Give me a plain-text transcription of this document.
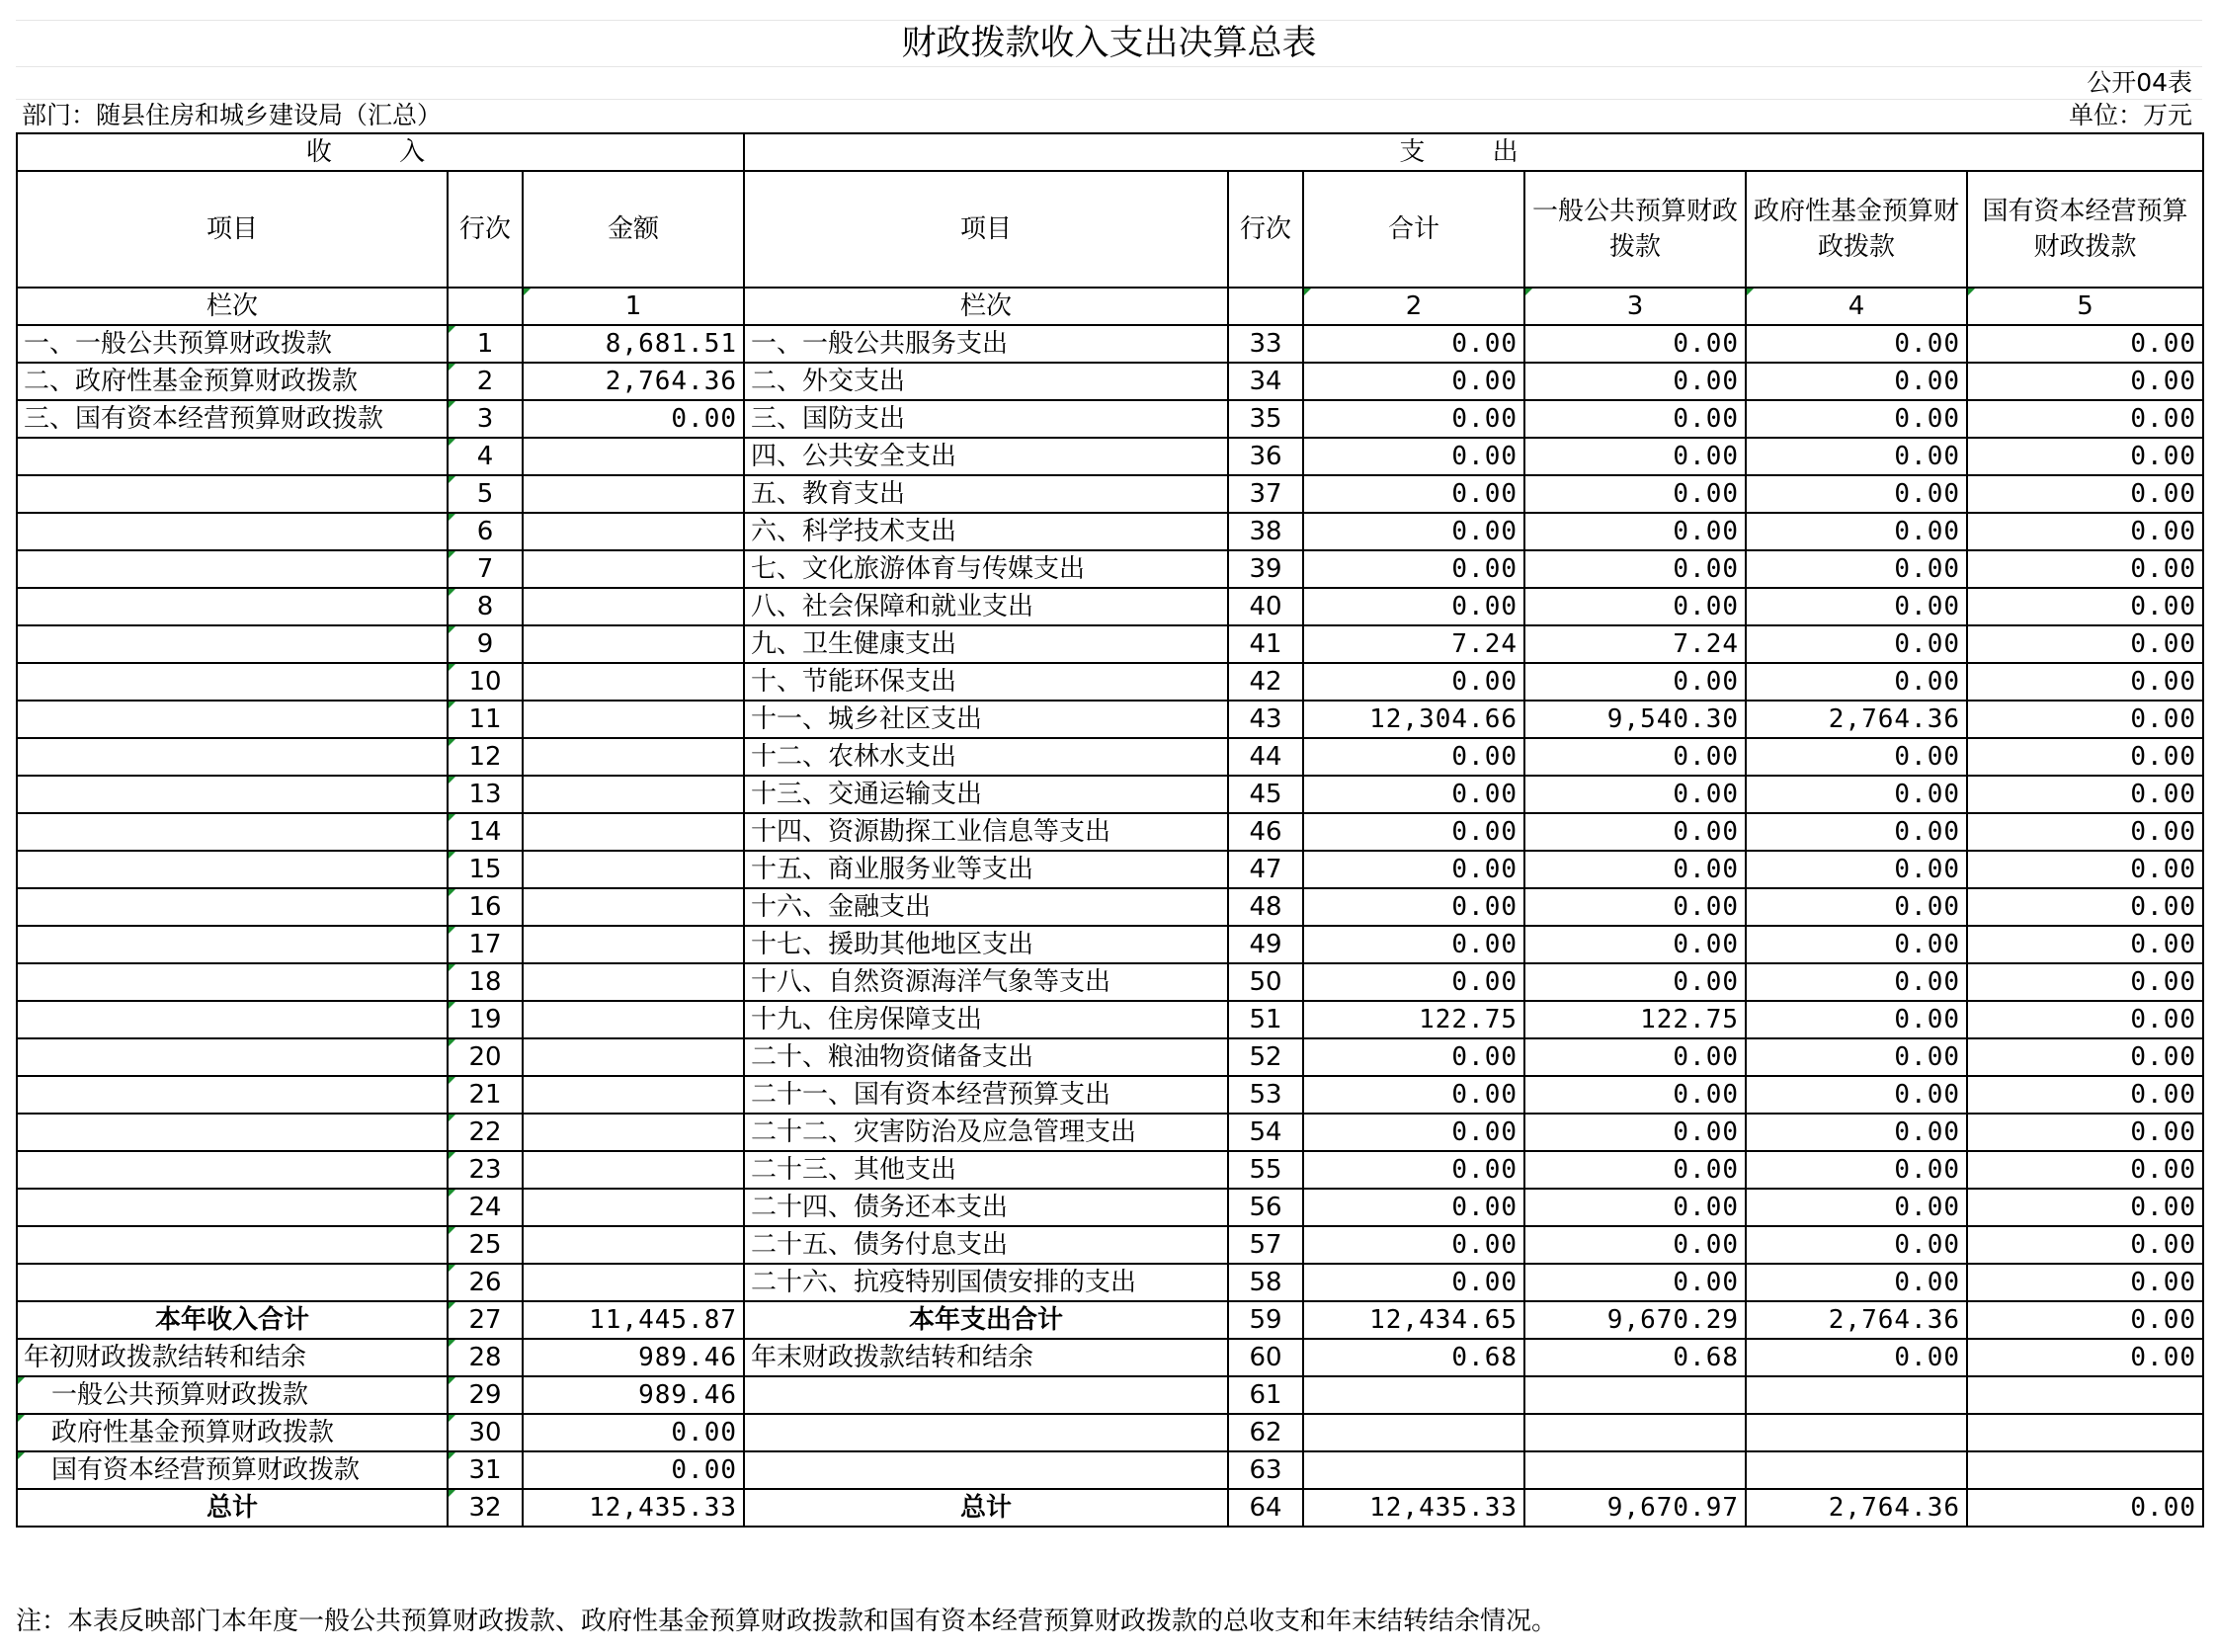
财政拨款收入支出决算总表
公开04表
部门：随县住房和城乡建设局（汇总）	单位：万元
收 入			支 出					
项目	行次	金额	项目	行次	合计	一般公共预算财政拨款	政府性基金预算财政拨款	国有资本经营预算财政拨款
栏次		1	栏次		2	3	4	5
一、一般公共预算财政拨款	1	8,681.51	一、一般公共服务支出	33	0.00	0.00	0.00	0.00
二、政府性基金预算财政拨款	2	2,764.36	二、外交支出	34	0.00	0.00	0.00	0.00
三、国有资本经营预算财政拨款	3	0.00	三、国防支出	35	0.00	0.00	0.00	0.00
	4		四、公共安全支出	36	0.00	0.00	0.00	0.00
	5		五、教育支出	37	0.00	0.00	0.00	0.00
	6		六、科学技术支出	38	0.00	0.00	0.00	0.00
	7		七、文化旅游体育与传媒支出	39	0.00	0.00	0.00	0.00
	8		八、社会保障和就业支出	40	0.00	0.00	0.00	0.00
	9		九、卫生健康支出	41	7.24	7.24	0.00	0.00
	10		十、节能环保支出	42	0.00	0.00	0.00	0.00
	11		十一、城乡社区支出	43	12,304.66	9,540.30	2,764.36	0.00
	12		十二、农林水支出	44	0.00	0.00	0.00	0.00
	13		十三、交通运输支出	45	0.00	0.00	0.00	0.00
	14		十四、资源勘探工业信息等支出	46	0.00	0.00	0.00	0.00
	15		十五、商业服务业等支出	47	0.00	0.00	0.00	0.00
	16		十六、金融支出	48	0.00	0.00	0.00	0.00
	17		十七、援助其他地区支出	49	0.00	0.00	0.00	0.00
	18		十八、自然资源海洋气象等支出	50	0.00	0.00	0.00	0.00
	19		十九、住房保障支出	51	122.75	122.75	0.00	0.00
	20		二十、粮油物资储备支出	52	0.00	0.00	0.00	0.00
	21		二十一、国有资本经营预算支出	53	0.00	0.00	0.00	0.00
	22		二十二、灾害防治及应急管理支出	54	0.00	0.00	0.00	0.00
	23		二十三、其他支出	55	0.00	0.00	0.00	0.00
	24		二十四、债务还本支出	56	0.00	0.00	0.00	0.00
	25		二十五、债务付息支出	57	0.00	0.00	0.00	0.00
	26		二十六、抗疫特别国债安排的支出	58	0.00	0.00	0.00	0.00
本年收入合计	27	11,445.87	本年支出合计	59	12,434.65	9,670.29	2,764.36	0.00
年初财政拨款结转和结余	28	989.46	年末财政拨款结转和结余	60	0.68	0.68	0.00	0.00
一般公共预算财政拨款	29	989.46		61				
政府性基金预算财政拨款	30	0.00		62				
国有资本经营预算财政拨款	31	0.00		63				
总计	32	12,435.33	总计	64	12,435.33	9,670.97	2,764.36	0.00
注：本表反映部门本年度一般公共预算财政拨款、政府性基金预算财政拨款和国有资本经营预算财政拨款的总收支和年末结转结余情况。
